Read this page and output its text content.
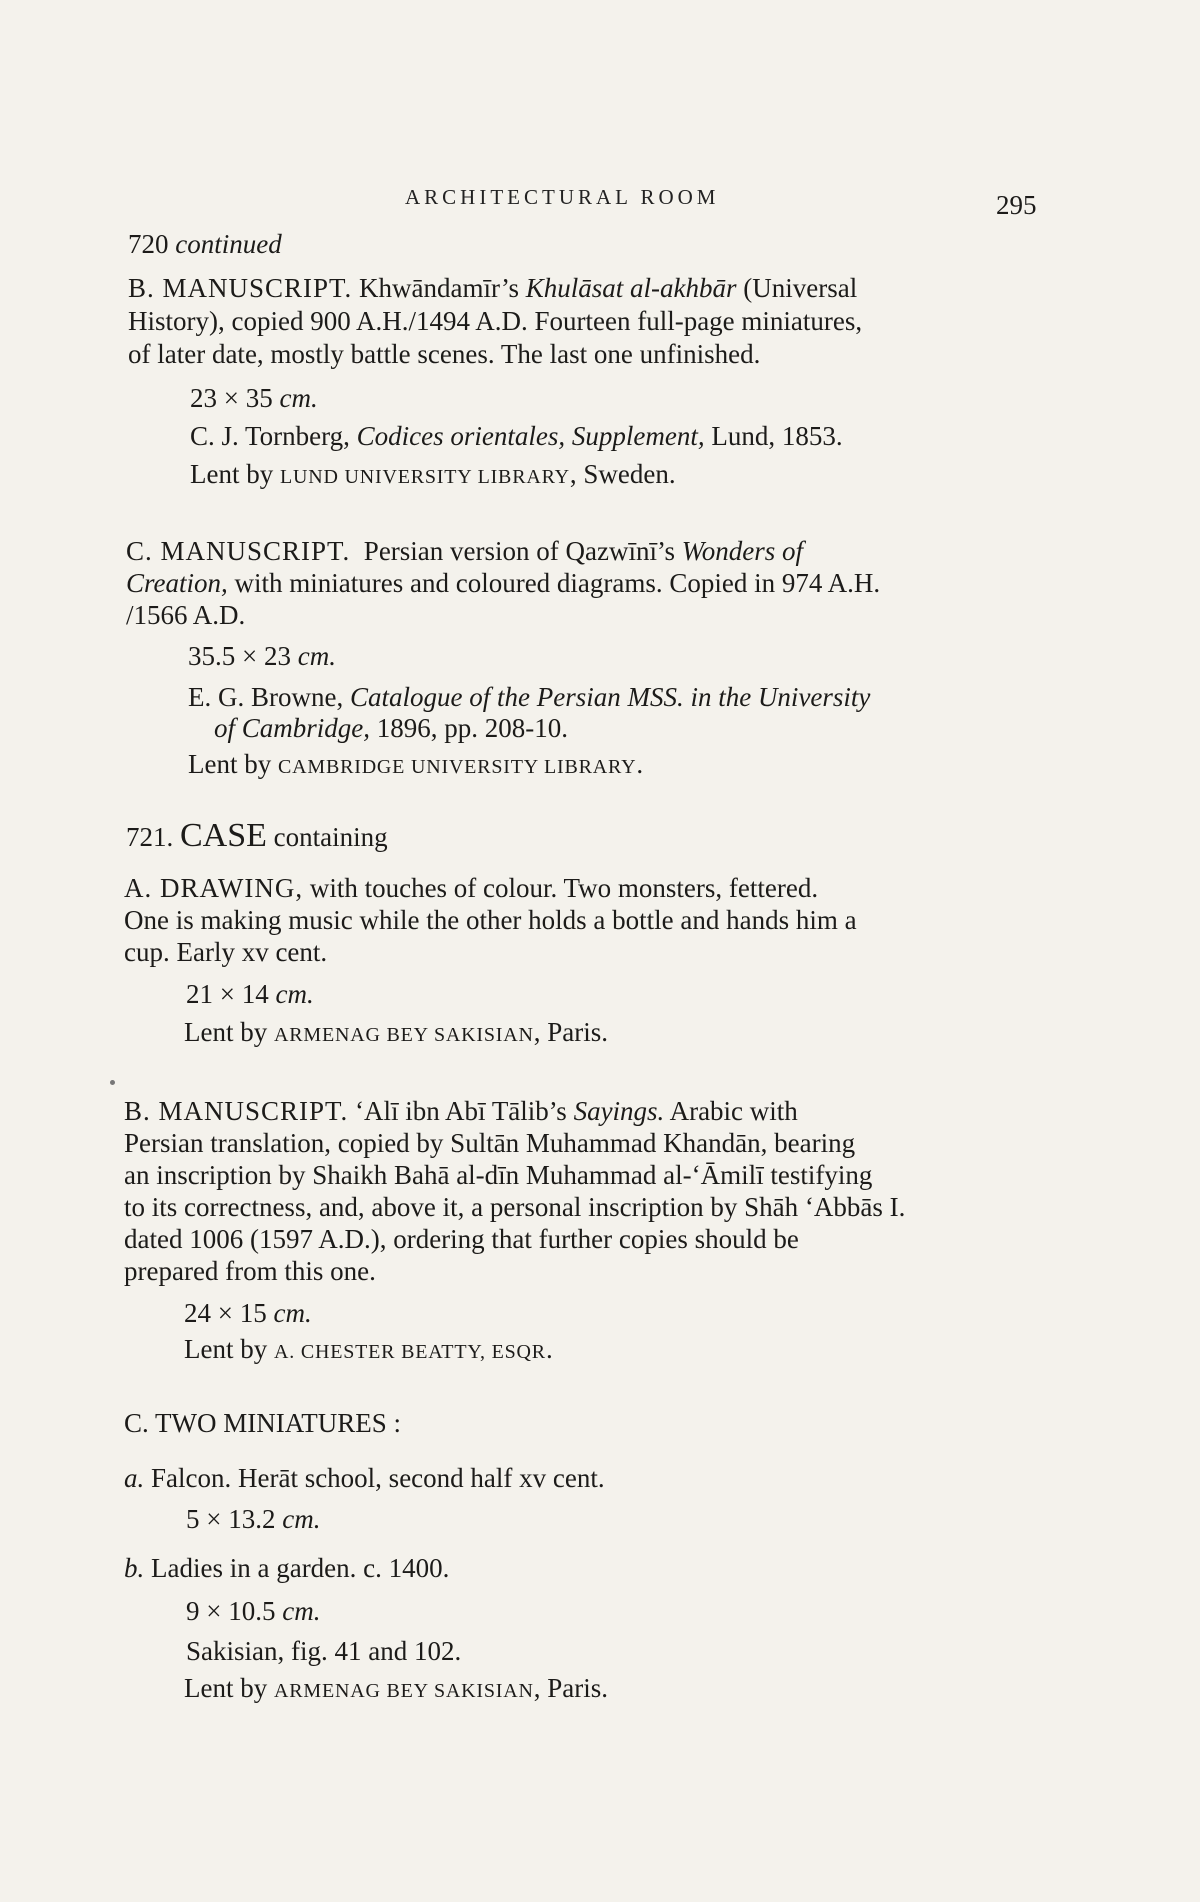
ARCHITECTURAL ROOM	295
720 continued
B. MANUSCRIPT. Khwāndamīr’s Khulāsat al-akhbār (Universal
History), copied 900 A.H./1494 A.D. Fourteen full-page miniatures,
of later date, mostly battle scenes. The last one unfinished.
23 × 35 cm.
C. J. Tornberg, Codices orientales, Supplement, Lund, 1853.
Lent by LUND UNIVERSITY LIBRARY, Sweden.
C. MANUSCRIPT. Persian version of Qazwīnī’s Wonders of
Creation, with miniatures and coloured diagrams. Copied in 974 A.H.
/1566 A.D.
35.5 × 23 cm.
E. G. Browne, Catalogue of the Persian MSS. in the University
of Cambridge, 1896, pp. 208-10.
Lent by CAMBRIDGE UNIVERSITY LIBRARY.
721. CASE containing
A. DRAWING, with touches of colour. Two monsters, fettered.
One is making music while the other holds a bottle and hands him a
cup. Early xv cent.
21 × 14 cm.
Lent by ARMENAG BEY SAKISIAN, Paris.
B. MANUSCRIPT. ‘Alī ibn Abī Tālib’s Sayings. Arabic with
Persian translation, copied by Sultān Muhammad Khandān, bearing
an inscription by Shaikh Bahā al-dīn Muhammad al-‘Āmilī testifying
to its correctness, and, above it, a personal inscription by Shāh ‘Abbās I.
dated 1006 (1597 A.D.), ordering that further copies should be
prepared from this one.
24 × 15 cm.
Lent by A. CHESTER BEATTY, ESQR.
C. TWO MINIATURES :
a. Falcon. Herāt school, second half xv cent.
5 × 13.2 cm.
b. Ladies in a garden. c. 1400.
9 × 10.5 cm.
Sakisian, fig. 41 and 102.
Lent by ARMENAG BEY SAKISIAN, Paris.
